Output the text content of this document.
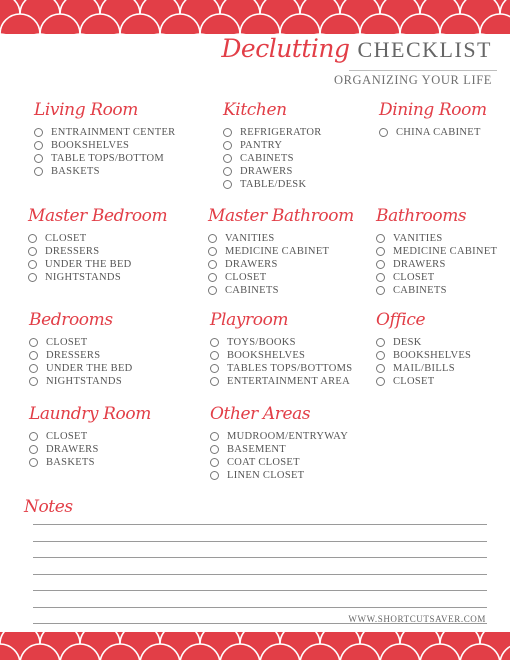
Declutting CHECKLIST
ORGANIZING YOUR LIFE
Living Room
ENTRAINMENT CENTER
BOOKSHELVES
TABLE TOPS/BOTTOM
BASKETS
Kitchen
REFRIGERATOR
PANTRY
CABINETS
DRAWERS
TABLE/DESK
Dining Room
CHINA CABINET
Master Bedroom
CLOSET
DRESSERS
UNDER THE BED
NIGHTSTANDS
Master Bathroom
VANITIES
MEDICINE CABINET
DRAWERS
CLOSET
CABINETS
Bathrooms
VANITIES
MEDICINE CABINET
DRAWERS
CLOSET
CABINETS
Bedrooms
CLOSET
DRESSERS
UNDER THE BED
NIGHTSTANDS
Playroom
TOYS/BOOKS
BOOKSHELVES
TABLES TOPS/BOTTOMS
ENTERTAINMENT AREA
Office
DESK
BOOKSHELVES
MAIL/BILLS
CLOSET
Laundry Room
CLOSET
DRAWERS
BASKETS
Other Areas
MUDROOM/ENTRYWAY
BASEMENT
COAT CLOSET
LINEN CLOSET
Notes
WWW.SHORTCUTSAVER.COM
